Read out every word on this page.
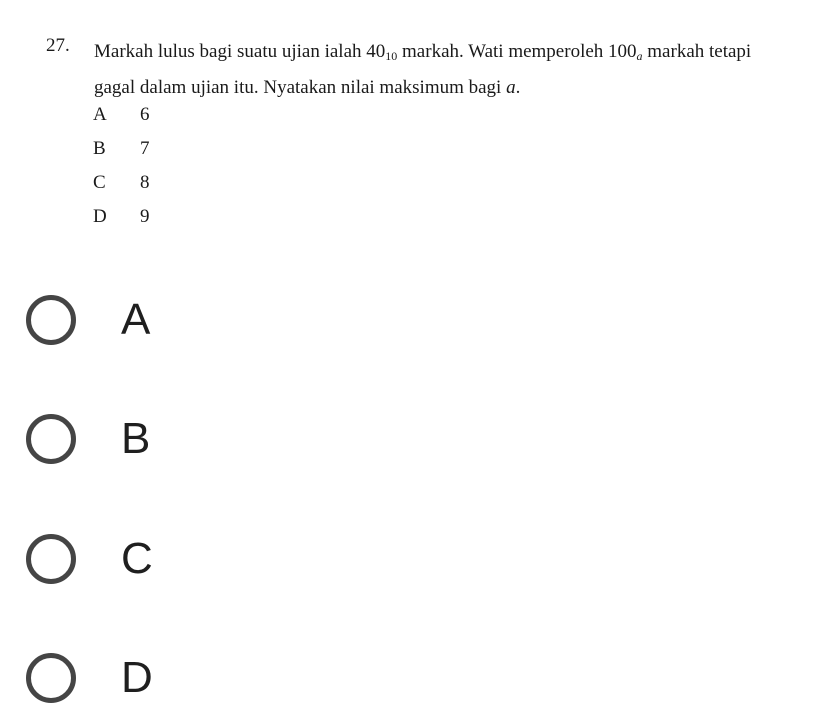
27. Markah lulus bagi suatu ujian ialah $40_{10}$ markah. Wati memperoleh $100_a$ markah tetapi
gagal dalam ujian itu. Nyatakan nilai maksimum bagi a.
A	6
B	7
C	8
D	9
A
B
C
D
